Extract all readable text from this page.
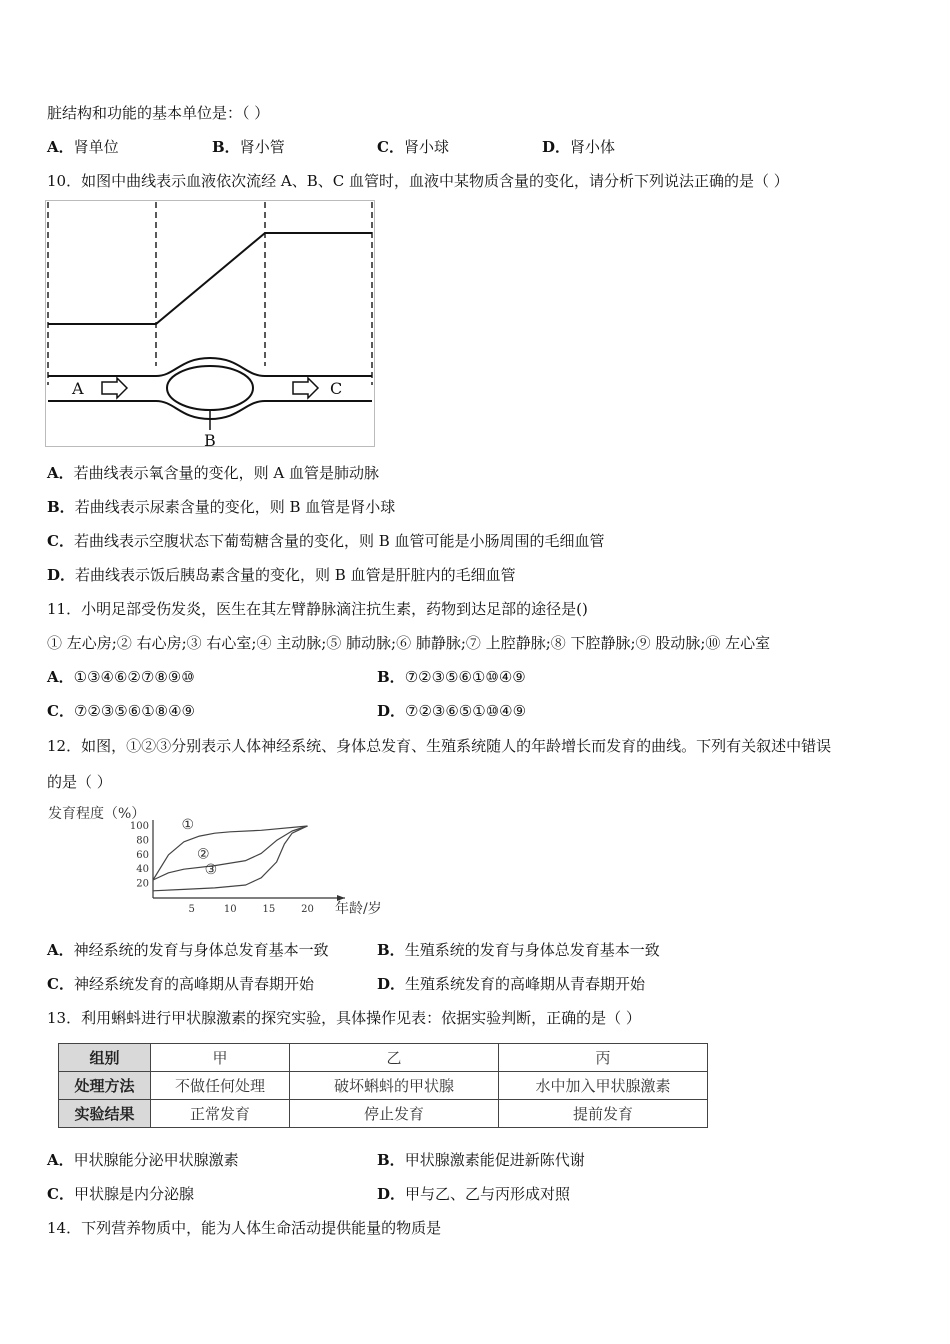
脏结构和功能的基本单位是：（ ）
A．肾单位	B．肾小管	C．肾小球	D．肾小体
10．如图中曲线表示血液依次流经 A、B、C 血管时，血液中某物质含量的变化，请分析下列说法正确的是（ ）
A	C
B
A．若曲线表示氧含量的变化，则 A 血管是肺动脉
B．若曲线表示尿素含量的变化，则 B 血管是肾小球
C．若曲线表示空腹状态下葡萄糖含量的变化，则 B 血管可能是小肠周围的毛细血管
D．若曲线表示饭后胰岛素含量的变化，则 B 血管是肝脏内的毛细血管
11．小明足部受伤发炎，医生在其左臂静脉滴注抗生素，药物到达足部的途径是()
① 左心房;② 右心房;③ 右心室;④ 主动脉;⑤ 肺动脉;⑥ 肺静脉;⑦ 上腔静脉;⑧ 下腔静脉;⑨ 股动脉;⑩ 左心室
A．①③④⑥②⑦⑧⑨⑩	B．⑦②③⑤⑥①⑩④⑨
C．⑦②③⑤⑥①⑧④⑨	D．⑦②③⑥⑤①⑩④⑨
12．如图，①②③分别表示人体神经系统、身体总发育、生殖系统随人的年龄增长而发育的曲线。下列有关叙述中错误
的是（ ）
发育程度（%）
5	10	15	20
20
40
60
80
100
年龄/岁
①
②
③
A．神经系统的发育与身体总发育基本一致	B．生殖系统的发育与身体总发育基本一致
C．神经系统发育的高峰期从青春期开始	D．生殖系统发育的高峰期从青春期开始
13．利用蝌蚪进行甲状腺激素的探究实验，具体操作见表：依据实验判断，正确的是（ ）
组别	甲	乙	丙
处理方法	不做任何处理	破坏蝌蚪的甲状腺	水中加入甲状腺激素
实验结果	正常发育	停止发育	提前发育
A．甲状腺能分泌甲状腺激素	B．甲状腺激素能促进新陈代谢
C．甲状腺是内分泌腺	D．甲与乙、乙与丙形成对照
14．下列营养物质中，能为人体生命活动提供能量的物质是
